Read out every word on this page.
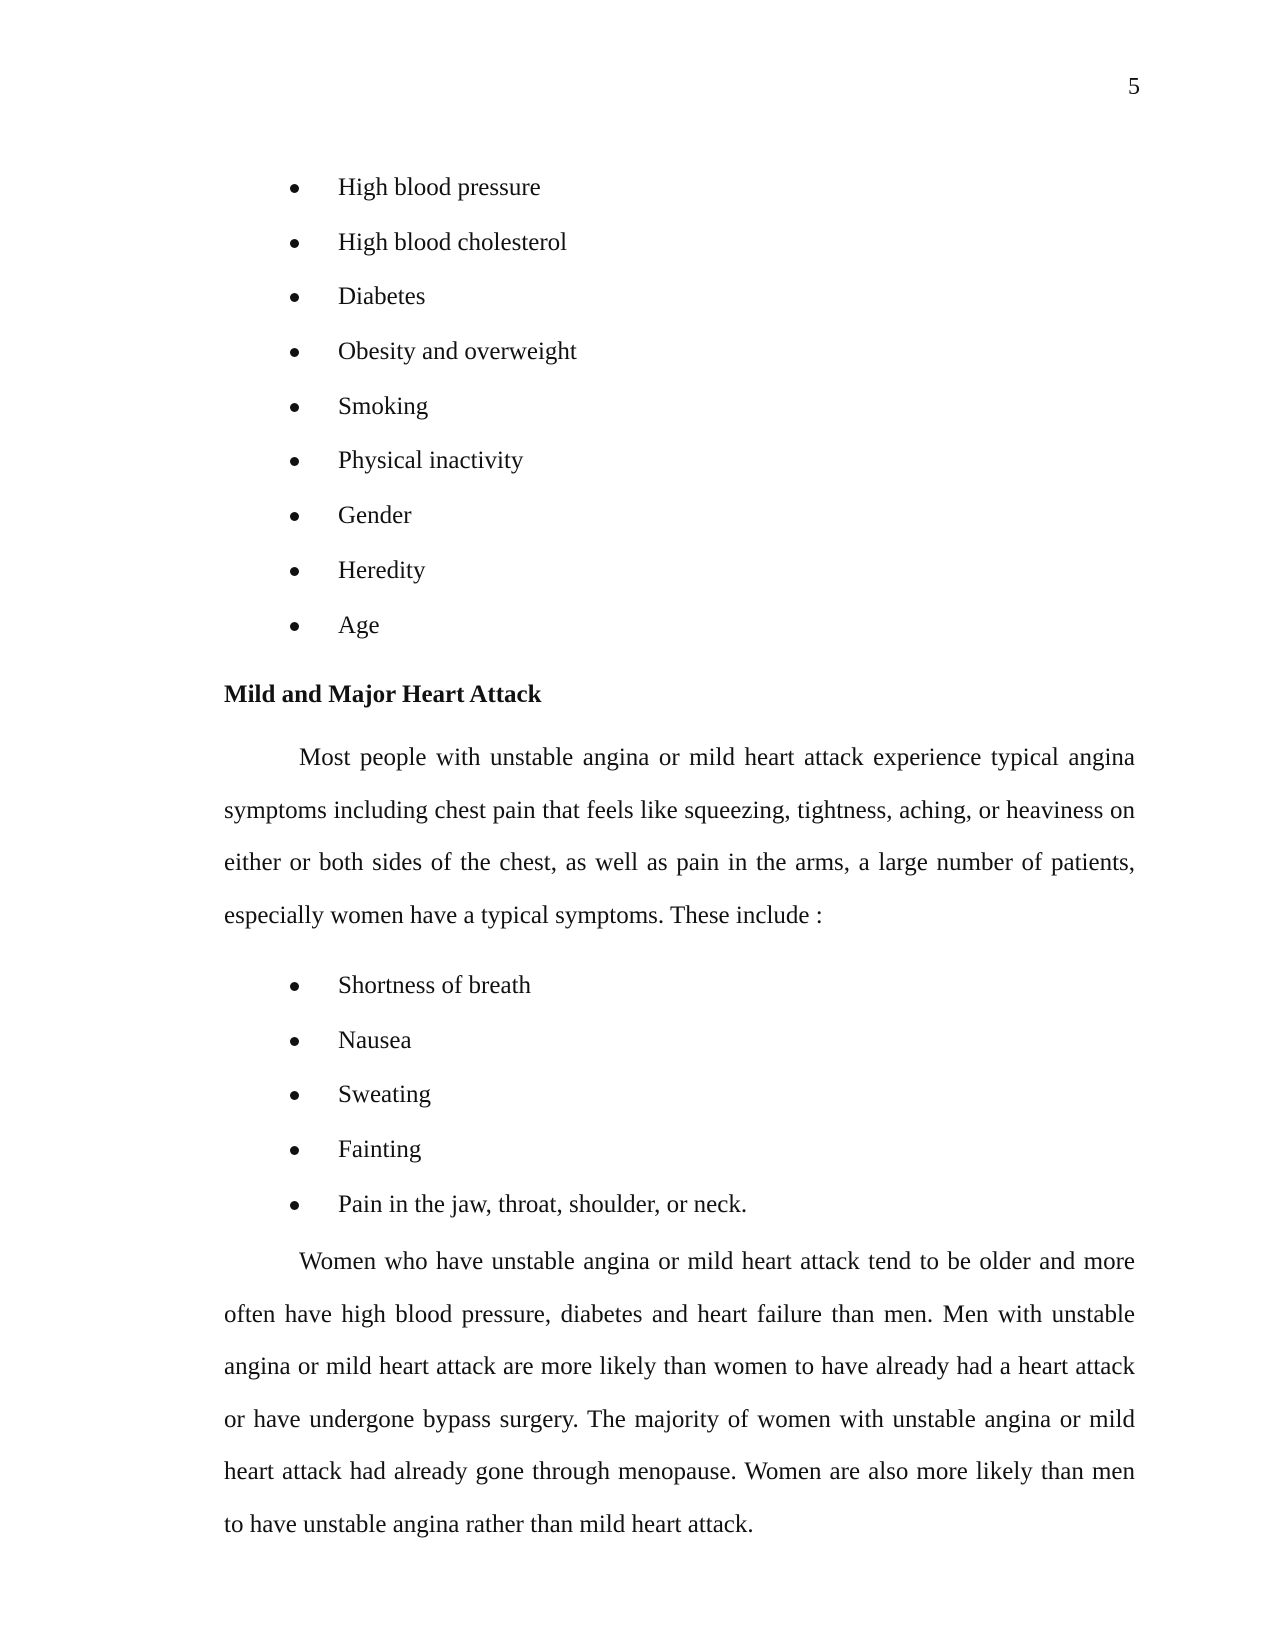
5
High blood pressure
High blood cholesterol
Diabetes
Obesity and overweight
Smoking
Physical inactivity
Gender
Heredity
Age
Mild and Major Heart Attack

Most people with unstable angina or mild heart attack experience typical angina symptoms including chest pain that feels like squeezing, tightness, aching, or heaviness on either or both sides of the chest, as well as pain in the arms, a large number of patients, especially women have a typical symptoms. These include :

Shortness of breath
Nausea
Sweating
Fainting
Pain in the jaw, throat, shoulder, or neck.

Women who have unstable angina or mild heart attack tend to be older and more often have high blood pressure, diabetes and heart failure than men. Men with unstable angina or mild heart attack are more likely than women to have already had a heart attack or have undergone bypass surgery. The majority of women with unstable angina or mild heart attack had already gone through menopause. Women are also more likely than men to have unstable angina rather than mild heart attack.
